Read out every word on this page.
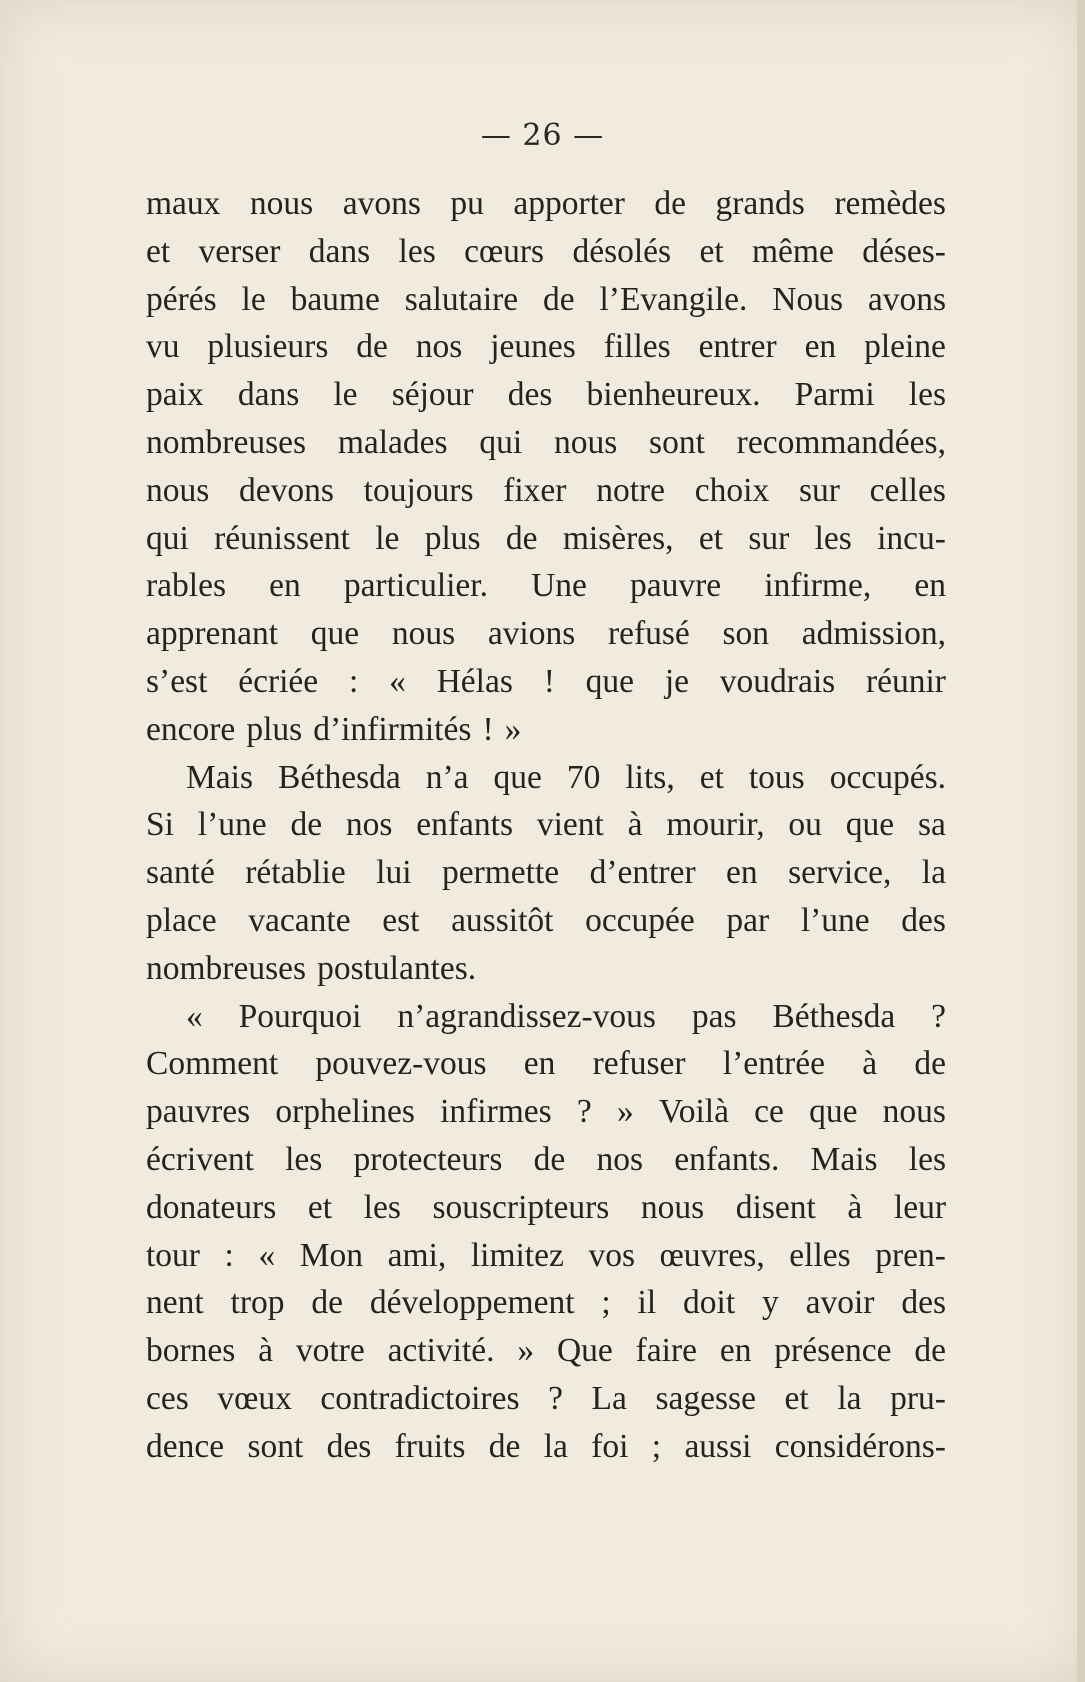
— 26 —
maux nous avons pu apporter de grands remèdes
et verser dans les cœurs désolés et même déses-
pérés le baume salutaire de l’Evangile. Nous avons
vu plusieurs de nos jeunes filles entrer en pleine
paix dans le séjour des bienheureux. Parmi les
nombreuses malades qui nous sont recommandées,
nous devons toujours fixer notre choix sur celles
qui réunissent le plus de misères, et sur les incu-
rables en particulier. Une pauvre infirme, en
apprenant que nous avions refusé son admission,
s’est écriée : « Hélas ! que je voudrais réunir
encore plus d’infirmités ! »
Mais Béthesda n’a que 70 lits, et tous occupés.
Si l’une de nos enfants vient à mourir, ou que sa
santé rétablie lui permette d’entrer en service, la
place vacante est aussitôt occupée par l’une des
nombreuses postulantes.
« Pourquoi n’agrandissez-vous pas Béthesda ?
Comment pouvez-vous en refuser l’entrée à de
pauvres orphelines infirmes ? » Voilà ce que nous
écrivent les protecteurs de nos enfants. Mais les
donateurs et les souscripteurs nous disent à leur
tour : « Mon ami, limitez vos œuvres, elles pren-
nent trop de développement ; il doit y avoir des
bornes à votre activité. » Que faire en présence de
ces vœux contradictoires ? La sagesse et la pru-
dence sont des fruits de la foi ; aussi considérons-
